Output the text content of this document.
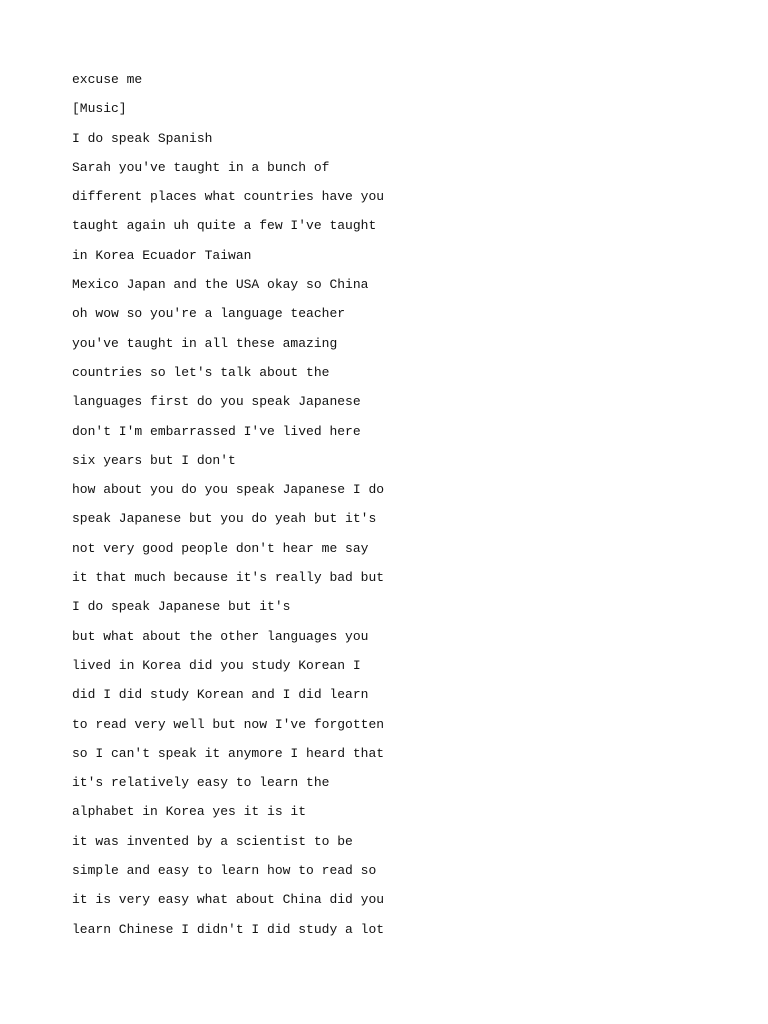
excuse me

[Music]

I do speak Spanish

Sarah you've taught in a bunch of

different places what countries have you

taught again uh quite a few I've taught

in Korea Ecuador Taiwan

Mexico Japan and the USA okay so China

oh wow so you're a language teacher

you've taught in all these amazing

countries so let's talk about the

languages first do you speak Japanese

don't I'm embarrassed I've lived here

six years but I don't

how about you do you speak Japanese I do

speak Japanese but you do yeah but it's

not very good people don't hear me say

it that much because it's really bad but

I do speak Japanese but it's

but what about the other languages you

lived in Korea did you study Korean I

did I did study Korean and I did learn

to read very well but now I've forgotten

so I can't speak it anymore I heard that

it's relatively easy to learn the

alphabet in Korea yes it is it

it was invented by a scientist to be

simple and easy to learn how to read so

it is very easy what about China did you

learn Chinese I didn't I did study a lot
